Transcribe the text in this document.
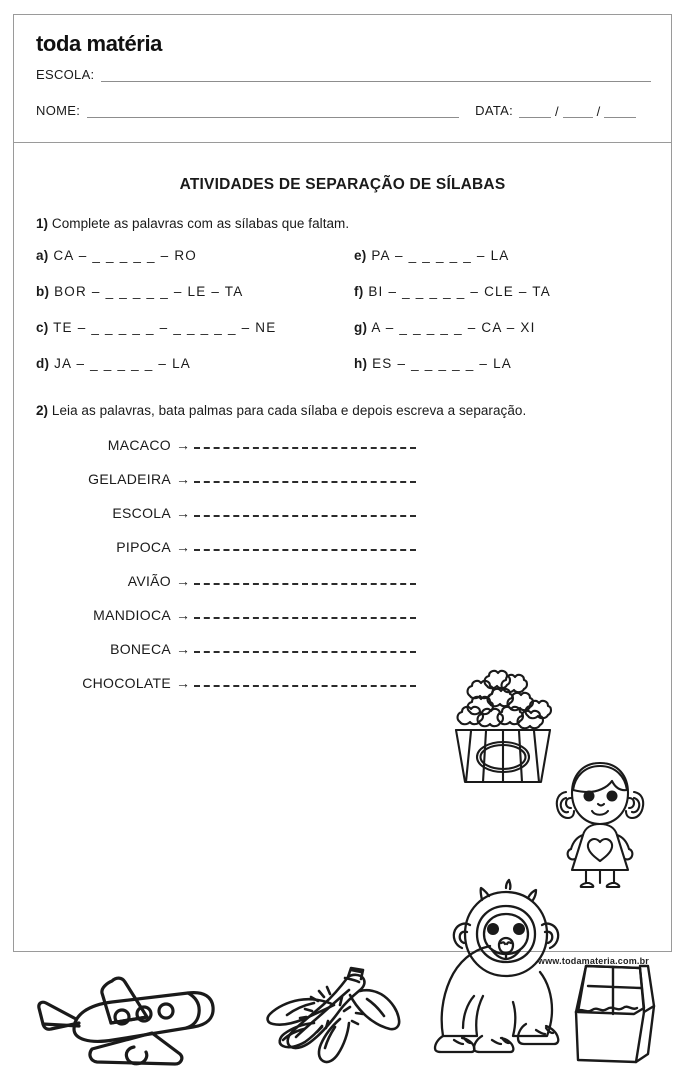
toda matéria
ESCOLA:
NOME:	DATA:	/	/
ATIVIDADES DE SEPARAÇÃO DE SÍLABAS
1) Complete as palavras com as sílabas que faltam.
a) CA – _ _ _ _ _ – RO	e) PA – _ _ _ _ _ – LA
b) BOR – _ _ _ _ _ – LE – TA	f) BI – _ _ _ _ _ – CLE – TA
c) TE – _ _ _ _ _ – _ _ _ _ _ – NE	g) A – _ _ _ _ _ – CA – XI
d) JA – _ _ _ _ _ – LA	h) ES – _ _ _ _ _ – LA
2) Leia as palavras, bata palmas para cada sílaba e depois escreva a separação.
MACACO →
GELADEIRA →
ESCOLA →
PIPOCA →
AVIÃO →
MANDIOCA →
BONECA →
CHOCOLATE →
www.todamateria.com.br
